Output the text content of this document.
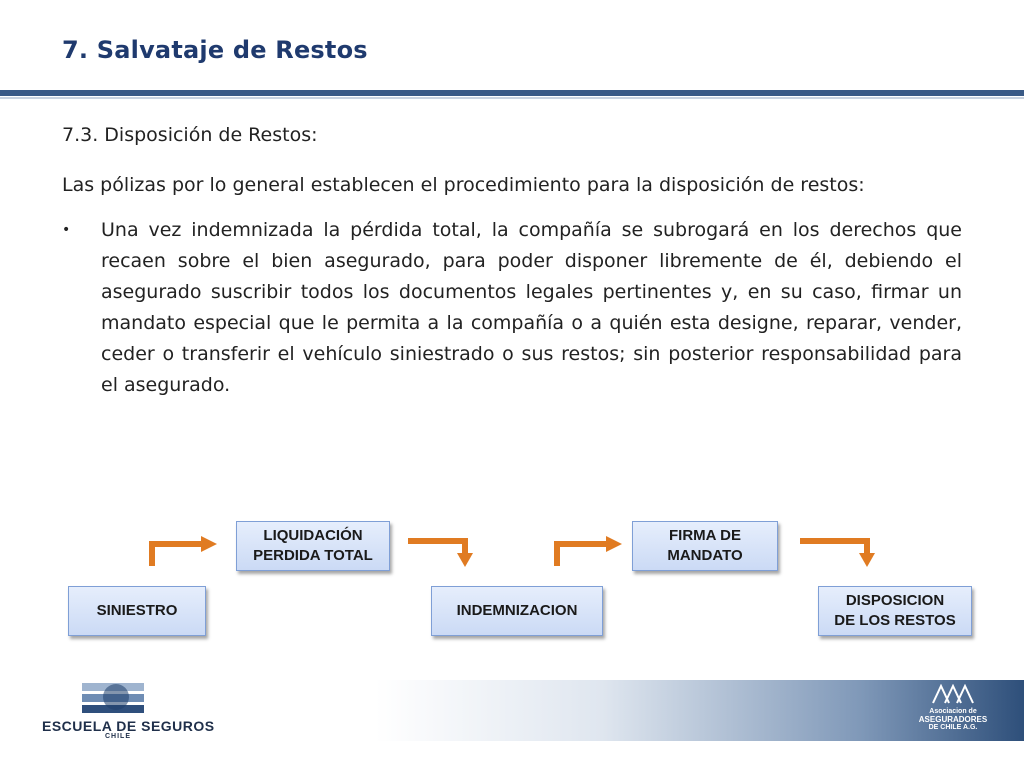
7. Salvataje de Restos

7.3. Disposición de Restos:

Las pólizas por lo general establecen el procedimiento para la disposición de restos:

• Una vez indemnizada la pérdida total, la compañía se subrogará en los derechos que recaen sobre el bien asegurado, para poder disponer libremente de él, debiendo el asegurado suscribir todos los documentos legales pertinentes y, en su caso, firmar un mandato especial que le permita a la compañía o a quién esta designe, reparar, vender, ceder o transferir el vehículo siniestrado o sus restos; sin posterior responsabilidad para el asegurado.

SINIESTRO
LIQUIDACIÓN
PERDIDA TOTAL
INDEMNIZACION
FIRMA DE
MANDATO
DISPOSICION
DE LOS RESTOS
ESCUELA DE SEGUROS
CHILE
Asociacion de
ASEGURADORES
DE CHILE A.G.
